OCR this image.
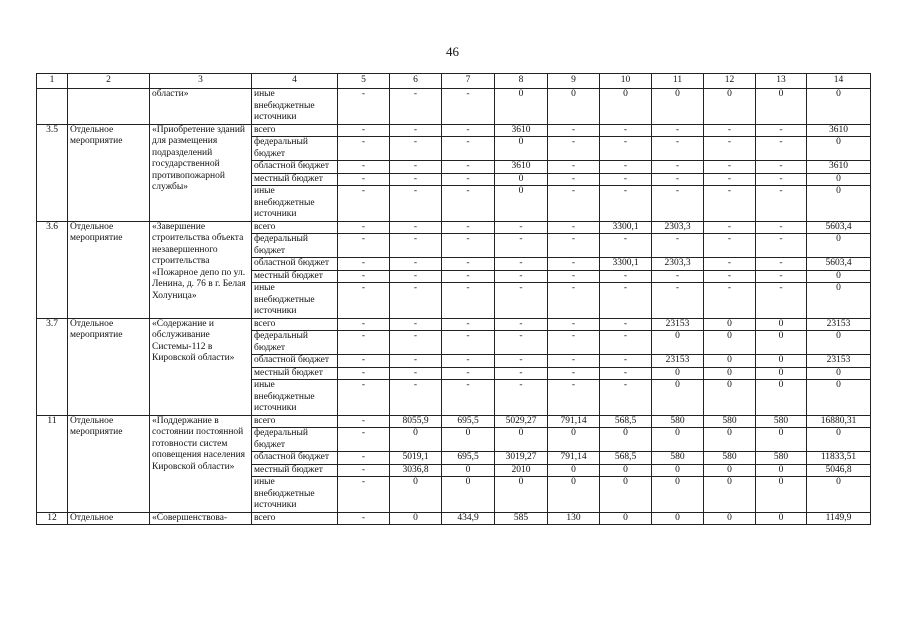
46
1	2	3	4	5	6	7	8	9	10	11	12	13	14
		области»	иные внебюджетные источники	-	-	-	0	0	0	0	0	0	0
3.5	Отдельное мероприятие	«Приобретение зданий для размещения подразделений государственной противопожарной службы»	всего	-	-	-	3610	-	-	-	-	-	3610
			федеральный бюджет	-	-	-	0	-	-	-	-	-	0
			областной бюджет	-	-	-	3610	-	-	-	-	-	3610
			местный бюджет	-	-	-	0	-	-	-	-	-	0
			иные внебюджетные источники	-	-	-	0	-	-	-	-	-	0
3.6	Отдельное мероприятие	«Завершение строительства объекта незавершенного строительства «Пожарное депо по ул. Ленина, д. 76 в г. Белая Холуница»	всего	-	-	-	-	-	3300,1	2303,3	-	-	5603,4
			федеральный бюджет	-	-	-	-	-	-	-	-	-	0
			областной бюджет	-	-	-	-	-	3300,1	2303,3	-	-	5603,4
			местный бюджет	-	-	-	-	-	-	-	-	-	0
			иные внебюджетные источники	-	-	-	-	-	-	-	-	-	0
3.7	Отдельное мероприятие	«Содержание и обслуживание Системы-112 в Кировской области»	всего	-	-	-	-	-	-	23153	0	0	23153
			федеральный бюджет	-	-	-	-	-	-	0	0	0	0
			областной бюджет	-	-	-	-	-	-	23153	0	0	23153
			местный бюджет	-	-	-	-	-	-	0	0	0	0
			иные внебюджетные источники	-	-	-	-	-	-	0	0	0	0
11	Отдельное мероприятие	«Поддержание в состоянии постоянной готовности систем оповещения населения Кировской области»	всего	-	8055,9	695,5	5029,27	791,14	568,5	580	580	580	16880,31
			федеральный бюджет	-	0	0	0	0	0	0	0	0	0
			областной бюджет	-	5019,1	695,5	3019,27	791,14	568,5	580	580	580	11833,51
			местный бюджет	-	3036,8	0	2010	0	0	0	0	0	5046,8
			иные внебюджетные источники	-	0	0	0	0	0	0	0	0	0
12	Отдельное	«Совершенствова-	всего	-	0	434,9	585	130	0	0	0	0	1149,9
